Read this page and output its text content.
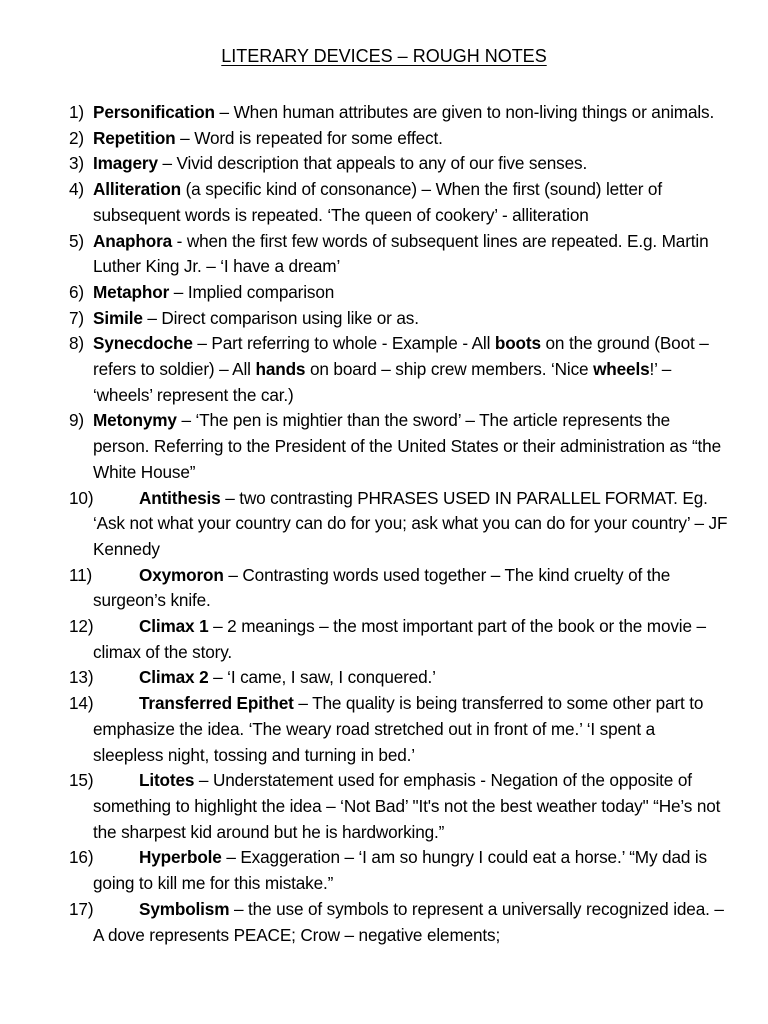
LITERARY DEVICES – ROUGH NOTES
1) Personification – When human attributes are given to non-living things or animals.
2) Repetition – Word is repeated for some effect.
3) Imagery – Vivid description that appeals to any of our five senses.
4) Alliteration (a specific kind of consonance) – When the first (sound) letter of subsequent words is repeated. ‘The queen of cookery’ - alliteration
5) Anaphora - when the first few words of subsequent lines are repeated. E.g. Martin Luther King Jr. – ‘I have a dream’
6) Metaphor – Implied comparison
7) Simile – Direct comparison using like or as.
8) Synecdoche – Part referring to whole - Example - All boots on the ground (Boot – refers to soldier) – All hands on board – ship crew members. ‘Nice wheels!’ – ‘wheels’ represent the car.)
9) Metonymy – ‘The pen is mightier than the sword’ – The article represents the person. Referring to the President of the United States or their administration as “the White House”
10)	Antithesis – two contrasting PHRASES USED IN PARALLEL FORMAT. Eg. ‘Ask not what your country can do for you; ask what you can do for your country’ – JF Kennedy
11)	Oxymoron – Contrasting words used together – The kind cruelty of the surgeon’s knife.
12)	Climax 1 – 2 meanings – the most important part of the book or the movie – climax of the story.
13)	Climax 2 – ‘I came, I saw, I conquered.’
14)	Transferred Epithet – The quality is being transferred to some other part to emphasize the idea. ‘The weary road stretched out in front of me.’ ‘I spent a sleepless night, tossing and turning in bed.’
15)	Litotes – Understatement used for emphasis - Negation of the opposite of something to highlight the idea – ‘Not Bad’ "It's not the best weather today" “He’s not the sharpest kid around but he is hardworking.”
16)	Hyperbole – Exaggeration – ‘I am so hungry I could eat a horse.’ “My dad is going to kill me for this mistake.”
17)	Symbolism – the use of symbols to represent a universally recognized idea. – A dove represents PEACE; Crow – negative elements;
